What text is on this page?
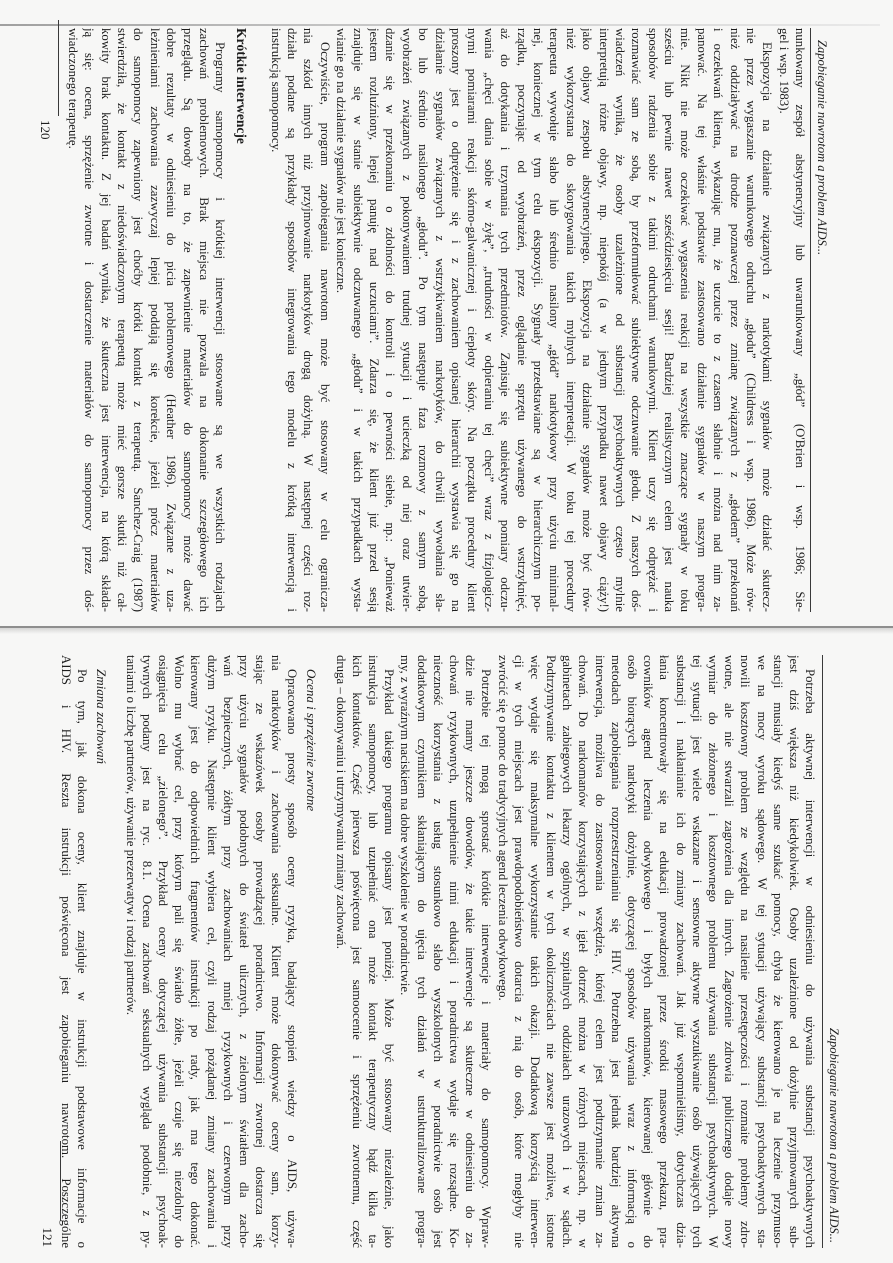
Zapobieganie nawrotom a problem AIDS...
nunkowany zespół abstynencyjny lub uwarunkowany „głód” (O'Brien i wsp. 1986; Sie-
gel i wsp. 1983).
Ekspozycja na działanie związanych z narkotykami sygnałów może działać skutecz-
nie przez wygaszanie warunkowego odruchu „głodu” (Childress i wsp. 1986). Może rów-
nież oddziaływać na drodze poznawczej przez zmianę związanych z „głodem” przekonań
i oczekiwań klienta, wykazując mu, że uczucie to z czasem słabnie i można nad nim za-
panować. Na tej właśnie podstawie zastosowano działanie sygnałów w naszym progra-
mie. Nikt nie może oczekiwać wygaszenia reakcji na wszystkie znaczące sygnały w toku
sześciu lub pewnie nawet sześćdziesięciu sesji! Bardziej realistycznym celem jest nauka
sposobów radzenia sobie z takimi odruchami warunkowymi. Klient uczy się odprężać i
rozmawiać sam ze sobą, by przeformułować subiektywne odczuwanie głodu. Z naszych doś-
wiadczeń wynika, że osoby uzależnione od substancji psychoaktywnych często mylnie
interpretują różne objawy, np. niepokój (a w jednym przypadku nawet objawy ciąży!)
jako objawy zespołu abstynencyjnego. Ekspozycja na działanie sygnałów może być rów-
nież wykorzystana do skorygowania takich mylnych interpretacji. W toku tej procedury
terapeuta wywołuje słabo lub średnio nasilony „głód” narkotykowy przy użyciu minimal-
nej, koniecznej w tym celu ekspozycji. Sygnały przedstawiane są w hierarchicznym po-
rządku, poczynając od wyobrażeń, przez oglądanie sprzętu używanego do wstrzyknięć,
aż do dotykania i trzymania tych przedmiotów. Zapisuje się subiektywne pomiary odczu-
wania „chęci dania sobie w żyłę”, „trudności w odpieraniu tej chęci” wraz z fizjologicz-
nymi pomiarami reakcji skórno-galwanicznej i ciepłoty skóry. Na początku procedury klient
proszony jest o odprężenie się i z zachowaniem opisanej hierarchii wystawia się go na
działanie sygnałów związanych z wstrzykiwaniem narkotyków, do chwili wywołania sła-
bo lub średnio nasilonego „głodu”. Po tym następuje faza rozmowy z samym sobą,
wyobrażeń związanych z pokonywaniem trudnej sytuacji i ucieczką od niej oraz utwier-
dzanie się w przekonaniu o zdolności do kontroli i o pewności siebie, np.: „Ponieważ
jestem rozluźniony, lepiej panuję nad uczuciami”. Zdarza się, że klient już przed sesją
znajduje się w stanie subiektywnie odczuwanego „głodu” i w takich przypadkach wysta-
wianie go na działanie sygnałów nie jest konieczne.
Oczywiście, program zapobiegania nawrotom może być stosowany w celu ogranicza-
nia szkód innych niż przyjmowanie narkotyków drogą dożylną. W następnej części roz-
działu podane są przykłady sposobów integrowania tego modelu z krótką interwencją i
instrukcją samopomocy.
Krótkie interwencje
Programy samopomocy i krótkiej interwencji stosowane są we wszystkich rodzajach
zachowań problemowych. Brak miejsca nie pozwala na dokonanie szczegółowego ich
przeglądu. Są dowody na to, że zapewnienie materiałów do samopomocy może dawać
dobre rezultaty w odniesieniu do picia problemowego (Heather 1986). Związane z uza-
leżnieniami zachowania zazwyczaj lepiej poddają się korekcie, jeżeli prócz materiałów
do samopomocy zapewniony jest choćby krótki kontakt z terapeutą. Sanchez-Craig (1987)
stwierdziła, że kontakt z niedoświadczonym terapeutą może mieć gorsze skutki niż cał-
kowity brak kontaktu. Z jej badań wynika, że skuteczna jest interwencja, na którą składa-
ją się: ocena, sprzężenie zwrotne i dostarczenie materiałów do samopomocy przez doś-
wiadczonego terapeutę.
120
Zapobieganie nawrotom a problem AIDS...
Potrzeba aktywnej interwencji w odniesieniu do używania substancji psychoaktywnych
jest dziś większa niż kiedykolwiek. Osoby uzależnione od dożylnie przyjmowanych sub-
stancji musiały kiedyś same szukać pomocy, chyba że kierowano je na leczenie przymuso-
we na mocy wyroku sądowego. W tej sytuacji używający substancji psychoaktywnych sta-
nowili kosztowny problem ze względu na nasilenie przestępczości i rozmaite problemy zdro-
wotne, ale nie stwarzali zagrożenia dla innych. Zagrożenie zdrowia publicznego dodaje nowy
wymiar do złożonego i kosztownego problemu używania substancji psychoaktywnych. W
tej sytuacji jest wielce wskazane i sensowne aktywne wyszukiwanie osób używających tych
substancji i nakłanianie ich do zmiany zachowań. Jak już wspomnieliśmy, dotychczas dzia-
łania koncentrowały się na edukacji prowadzonej przez środki masowego przekazu, pra-
cowników agend leczenia odwykowego i byłych narkomanów, kierowanej głównie do
osób biorących narkotyki dożylnie, dotyczącej sposobów używania wraz z informacją o
metodach zapobiegania rozprzestrzenianiu się HIV. Potrzebna jest jednak bardziej aktywna
interwencja, możliwa do zastosowania wszędzie, której celem jest podtrzymanie zmian za-
chowań. Do narkomanów korzystających z igieł dotrzeć można w różnych miejscach, np. w
gabinetach zabiegowych lekarzy ogólnych, w szpitalnych oddziałach urazowych i w sądach.
Podtrzymywanie kontaktu z klientem w tych okolicznościach nie zawsze jest możliwe, istotne
więc wydaje się maksymalne wykorzystanie takich okazji. Dodatkową korzyścią interwen-
cji w tych miejscach jest prawdopodobieństwo dotarcia z nią do osób, które mogłyby nie
zwrócić się o pomoc do tradycyjnych agend leczenia odwykowego.
Potrzebie tej mogą sprostać krótkie interwencje i materiały do samopomocy. Wpraw-
dzie nie mamy jeszcze dowodów, że takie interwencje są skuteczne w odniesieniu do za-
chowań ryzykownych, uzupełnienie nimi edukacji i poradnictwa wydaje się rozsądne. Ko-
nieczność korzystania z usług stosunkowo słabo wyszkolonych w poradnictwie osób jest
dodatkowym czynnikiem skłaniającym do ujęcia tych działań w ustrukturalizowane progra-
my, z wyraźnym naciskiem na dobre wyszkolenie w poradnictwie.
Przykład takiego programu opisany jest poniżej. Może być stosowany niezależnie, jako
instrukcja samopomocy, lub uzupełniać ona może kontakt terapeutyczny bądź kilka ta-
kich kontaktów. Część pierwsza poświęcona jest samoocenie i sprzężeniu zwrotnemu, część
druga – dokonywaniu i utrzymywaniu zmiany zachowań.
Ocena i sprzężenie zwrotne
Opracowano prosty sposób oceny ryzyka, badający stopień wiedzy o AIDS, używa-
nia narkotyków i zachowania seksualne. Klient może dokonywać oceny sam, korzy-
stając ze wskazówek osoby prowadzącej poradnictwo. Informacji zwrotnej dostarcza się
przy użyciu sygnałów podobnych do świateł ulicznych, z zielonym światłem dla zacho-
wań bezpiecznych, żółtym przy zachowaniach mniej ryzykownych i czerwonym przy
dużym ryzyku. Następnie klient wybiera cel, czyli rodzaj pożądanej zmiany zachowania i
kierowany jest do odpowiednich fragmentów instrukcji po rady, jak ma tego dokonać.
Wolno mu wybrać cel, przy którym pali się światło żółte, jeżeli czuje się niezdolny do
osiągnięcia celu „zielonego”. Przykład oceny dotyczącej używania substancji psychoak-
tywnych podany jest na ryc. 8.1. Ocena zachowań seksualnych wygląda podobnie, z py-
taniami o liczbę partnerów, używanie prezerwatyw i rodzaj partnerów.
Zmiana zachowań
Po tym, jak dokona oceny, klient znajduje w instrukcji podstawowe informacje o
AIDS i HIV. Reszta instrukcji poświęcona jest zapobieganiu nawrotom. Poszczególne
121
